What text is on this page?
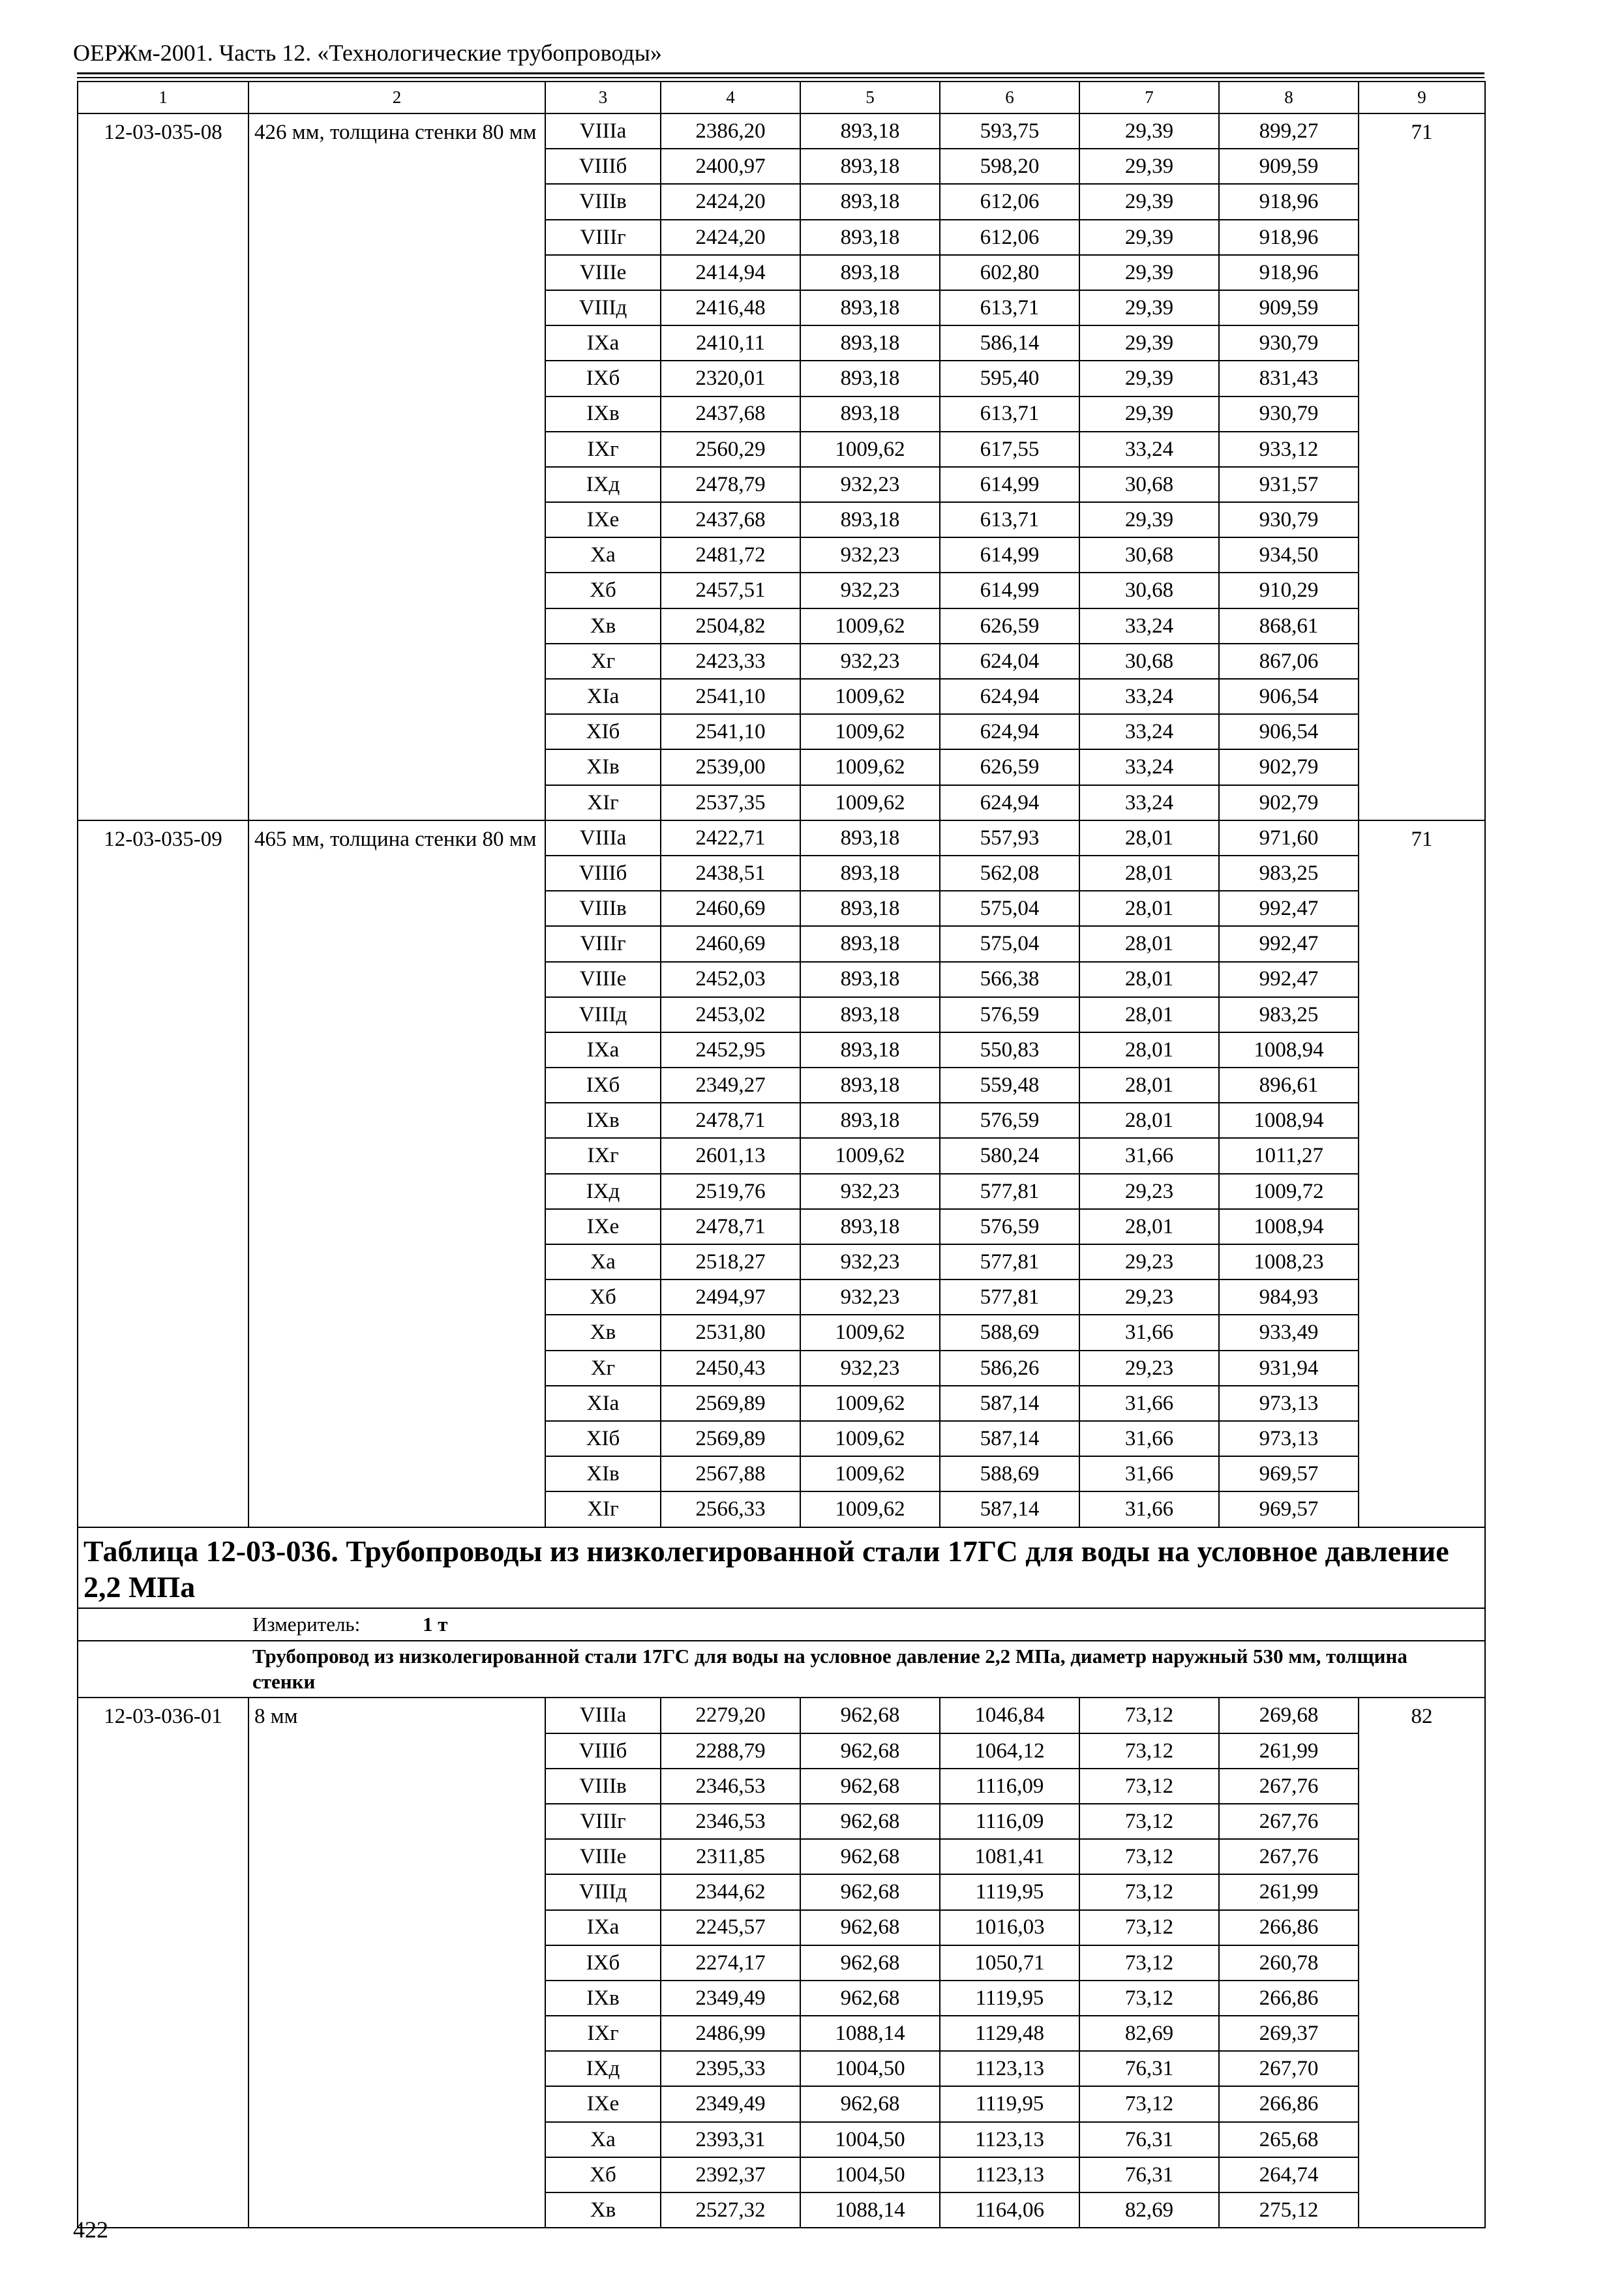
ОЕРЖм-2001. Часть 12. «Технологические трубопроводы»
1	2	3	4	5	6	7	8	9
12-03-035-08	426 мм, толщина стенки 80 мм	VIIIа	2386,20	893,18	593,75	29,39	899,27	71
		VIIIб	2400,97	893,18	598,20	29,39	909,59	
		VIIIв	2424,20	893,18	612,06	29,39	918,96	
		VIIIг	2424,20	893,18	612,06	29,39	918,96	
		VIIIе	2414,94	893,18	602,80	29,39	918,96	
		VIIIд	2416,48	893,18	613,71	29,39	909,59	
		IXа	2410,11	893,18	586,14	29,39	930,79	
		IXб	2320,01	893,18	595,40	29,39	831,43	
		IXв	2437,68	893,18	613,71	29,39	930,79	
		IXг	2560,29	1009,62	617,55	33,24	933,12	
		IXд	2478,79	932,23	614,99	30,68	931,57	
		IXе	2437,68	893,18	613,71	29,39	930,79	
		Xа	2481,72	932,23	614,99	30,68	934,50	
		Xб	2457,51	932,23	614,99	30,68	910,29	
		Xв	2504,82	1009,62	626,59	33,24	868,61	
		Xг	2423,33	932,23	624,04	30,68	867,06	
		XIа	2541,10	1009,62	624,94	33,24	906,54	
		XIб	2541,10	1009,62	624,94	33,24	906,54	
		XIв	2539,00	1009,62	626,59	33,24	902,79	
		XIг	2537,35	1009,62	624,94	33,24	902,79	
12-03-035-09	465 мм, толщина стенки 80 мм	VIIIа	2422,71	893,18	557,93	28,01	971,60	71
		VIIIб	2438,51	893,18	562,08	28,01	983,25	
		VIIIв	2460,69	893,18	575,04	28,01	992,47	
		VIIIг	2460,69	893,18	575,04	28,01	992,47	
		VIIIе	2452,03	893,18	566,38	28,01	992,47	
		VIIIд	2453,02	893,18	576,59	28,01	983,25	
		IXа	2452,95	893,18	550,83	28,01	1008,94	
		IXб	2349,27	893,18	559,48	28,01	896,61	
		IXв	2478,71	893,18	576,59	28,01	1008,94	
		IXг	2601,13	1009,62	580,24	31,66	1011,27	
		IXд	2519,76	932,23	577,81	29,23	1009,72	
		IXе	2478,71	893,18	576,59	28,01	1008,94	
		Xа	2518,27	932,23	577,81	29,23	1008,23	
		Xб	2494,97	932,23	577,81	29,23	984,93	
		Xв	2531,80	1009,62	588,69	31,66	933,49	
		Xг	2450,43	932,23	586,26	29,23	931,94	
		XIа	2569,89	1009,62	587,14	31,66	973,13	
		XIб	2569,89	1009,62	587,14	31,66	973,13	
		XIв	2567,88	1009,62	588,69	31,66	969,57	
		XIг	2566,33	1009,62	587,14	31,66	969,57	
Таблица 12-03-036. Трубопроводы из низколегированной стали 17ГС для воды на условное давление 2,2 МПа								
Измеритель: 1 т								
Трубопровод из низколегированной стали 17ГС для воды на условное давление 2,2 МПа, диаметр наружный 530 мм, толщина стенки								
12-03-036-01	8 мм	VIIIа	2279,20	962,68	1046,84	73,12	269,68	82
		VIIIб	2288,79	962,68	1064,12	73,12	261,99	
		VIIIв	2346,53	962,68	1116,09	73,12	267,76	
		VIIIг	2346,53	962,68	1116,09	73,12	267,76	
		VIIIе	2311,85	962,68	1081,41	73,12	267,76	
		VIIIд	2344,62	962,68	1119,95	73,12	261,99	
		IXа	2245,57	962,68	1016,03	73,12	266,86	
		IXб	2274,17	962,68	1050,71	73,12	260,78	
		IXв	2349,49	962,68	1119,95	73,12	266,86	
		IXг	2486,99	1088,14	1129,48	82,69	269,37	
		IXд	2395,33	1004,50	1123,13	76,31	267,70	
		IXе	2349,49	962,68	1119,95	73,12	266,86	
		Xа	2393,31	1004,50	1123,13	76,31	265,68	
		Xб	2392,37	1004,50	1123,13	76,31	264,74	
		Xв	2527,32	1088,14	1164,06	82,69	275,12	
422
